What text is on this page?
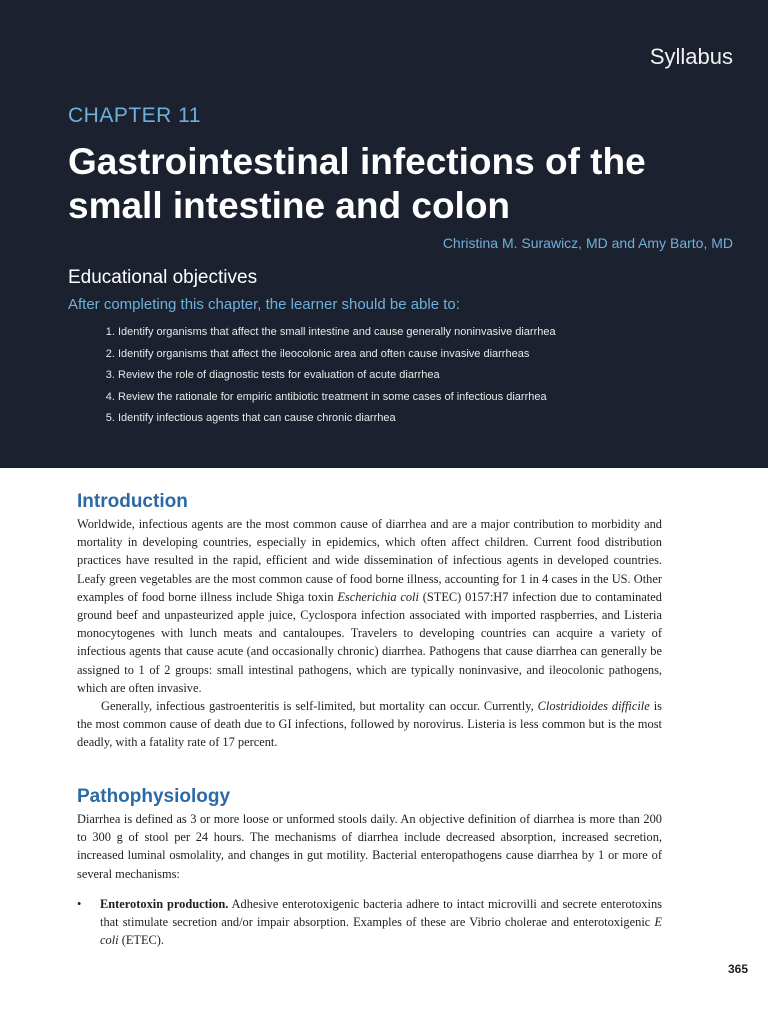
Syllabus
CHAPTER 11
Gastrointestinal infections of the small intestine and colon
Christina M. Surawicz, MD and Amy Barto, MD
Educational objectives
After completing this chapter, the learner should be able to:
1. Identify organisms that affect the small intestine and cause generally noninvasive diarrhea
2. Identify organisms that affect the ileocolonic area and often cause invasive diarrheas
3. Review the role of diagnostic tests for evaluation of acute diarrhea
4. Review the rationale for empiric antibiotic treatment in some cases of infectious diarrhea
5. Identify infectious agents that can cause chronic diarrhea
Introduction

Worldwide, infectious agents are the most common cause of diarrhea and are a major contribution to morbidity and mortality in developing countries, especially in epidemics, which often affect children. Current food distribution practices have resulted in the rapid, efficient and wide dissemination of infectious agents in developed countries. Leafy green vegetables are the most common cause of food borne illness, accounting for 1 in 4 cases in the US. Other examples of food borne illness include Shiga toxin Escherichia coli (STEC) 0157:H7 infection due to contaminated ground beef and unpasteurized apple juice, Cyclospora infection associated with imported raspberries, and Listeria monocytogenes with lunch meats and cantaloupes. Travelers to developing countries can acquire a variety of infectious agents that cause acute (and occasionally chronic) diarrhea. Pathogens that cause diarrhea can generally be assigned to 1 of 2 groups: small intestinal pathogens, which are typically noninvasive, and ileocolonic pathogens, which are often invasive.

Generally, infectious gastroenteritis is self-limited, but mortality can occur. Currently, Clostridioides difficile is the most common cause of death due to GI infections, followed by norovirus. Listeria is less common but is the most deadly, with a fatality rate of 17 percent.

Pathophysiology

Diarrhea is defined as 3 or more loose or unformed stools daily. An objective definition of diarrhea is more than 200 to 300 g of stool per 24 hours. The mechanisms of diarrhea include decreased absorption, increased secretion, increased luminal osmolality, and changes in gut motility. Bacterial enteropathogens cause diarrhea by 1 or more of several mechanisms:

• Enterotoxin production. Adhesive enterotoxigenic bacteria adhere to intact microvilli and secrete enterotoxins that stimulate secretion and/or impair absorption. Examples of these are Vibrio cholerae and enterotoxigenic E coli (ETEC).
365
